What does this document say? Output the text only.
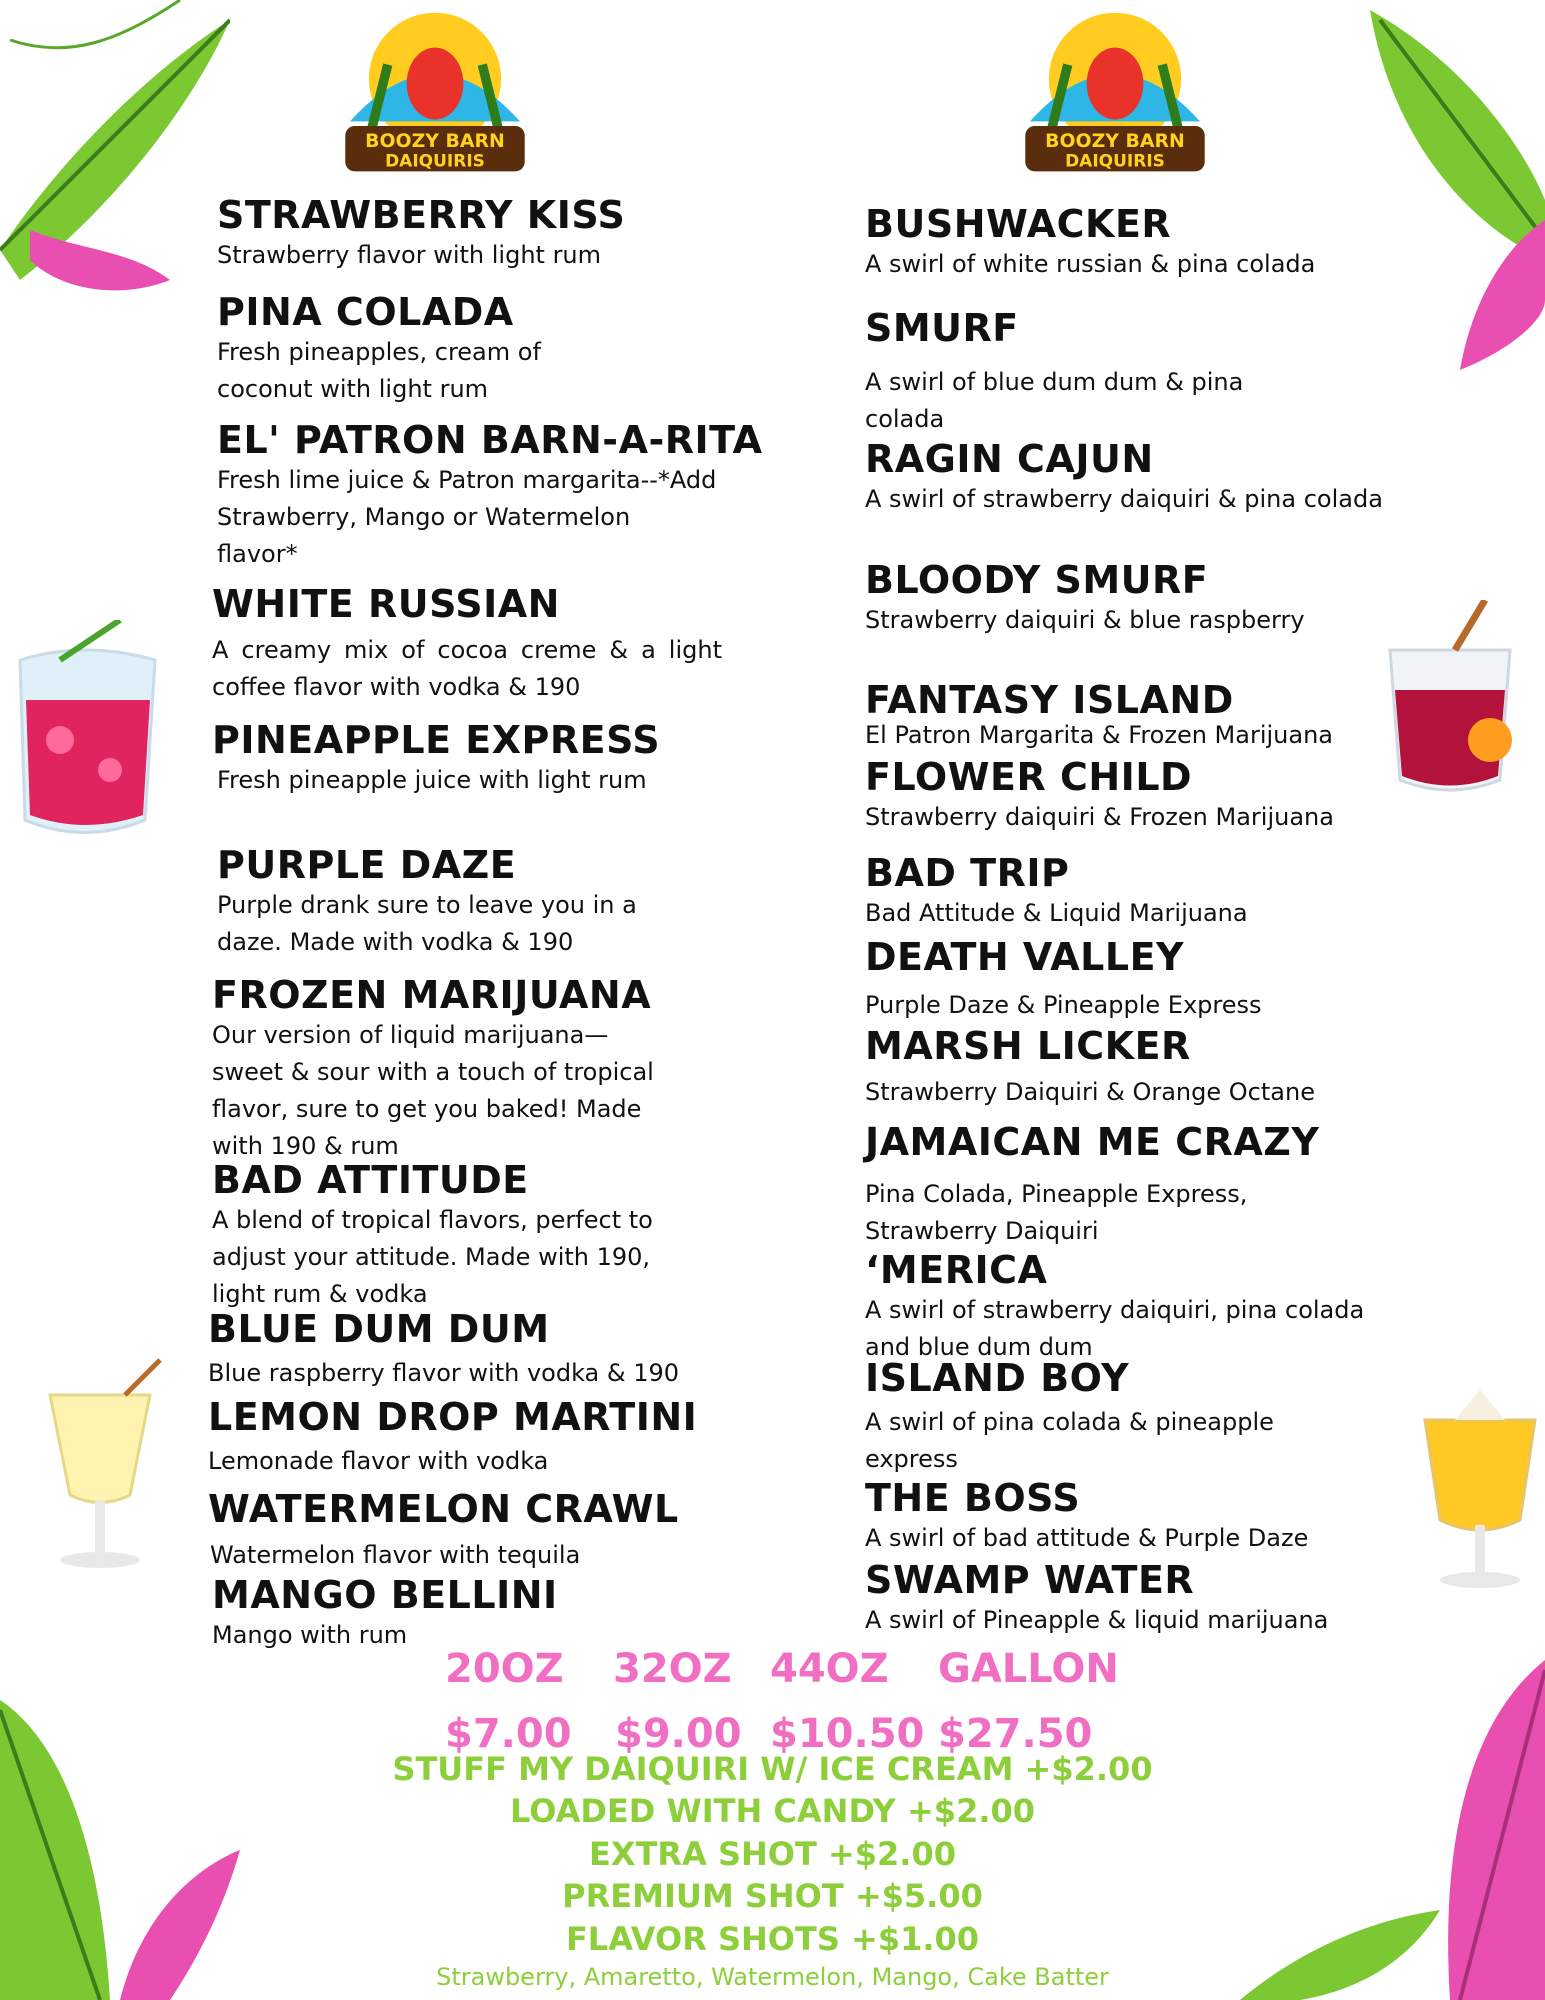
BOOZY BARN
DAIQUIRIS
BOOZY BARN
DAIQUIRIS
STRAWBERRY KISS

Strawberry flavor with light rum

PINA COLADA

Fresh pineapples, cream of coconut with light rum

EL' PATRON BARN-A-RITA

Fresh lime juice & Patron margarita--*Add Strawberry, Mango or Watermelon flavor*

WHITE RUSSIAN

A creamy mix of cocoa creme & a light coffee flavor with vodka & 190

PINEAPPLE EXPRESS

Fresh pineapple juice with light rum

PURPLE DAZE

Purple drank sure to leave you in a daze. Made with vodka & 190

FROZEN MARIJUANA

Our version of liquid marijuana—sweet & sour with a touch of tropical flavor, sure to get you baked! Made with 190 & rum

BAD ATTITUDE

A blend of tropical flavors, perfect to adjust your attitude. Made with 190, light rum & vodka

BLUE DUM DUM

Blue raspberry flavor with vodka & 190

LEMON DROP MARTINI

Lemonade flavor with vodka

WATERMELON CRAWL

Watermelon flavor with tequila

MANGO BELLINI

Mango with rum

BUSHWACKER

A swirl of white russian & pina colada

SMURF

A swirl of blue dum dum & pina colada

RAGIN CAJUN

A swirl of strawberry daiquiri & pina colada

BLOODY SMURF

Strawberry daiquiri & blue raspberry

FANTASY ISLAND

El Patron Margarita & Frozen Marijuana

FLOWER CHILD

Strawberry daiquiri & Frozen Marijuana

BAD TRIP

Bad Attitude & Liquid Marijuana

DEATH VALLEY

Purple Daze & Pineapple Express

MARSH LICKER

Strawberry Daiquiri & Orange Octane

JAMAICAN ME CRAZY

Pina Colada, Pineapple Express, Strawberry Daiquiri

‘MERICA

A swirl of strawberry daiquiri, pina colada and blue dum dum

ISLAND BOY

A swirl of pina colada & pineapple express

THE BOSS

A swirl of bad attitude & Purple Daze

SWAMP WATER

A swirl of Pineapple & liquid marijuana

20OZ 32OZ 44OZ GALLON
$7.00 $9.00 $10.50 $27.50
STUFF MY DAIQUIRI W/ ICE CREAM +$2.00
LOADED WITH CANDY +$2.00
EXTRA SHOT +$2.00
PREMIUM SHOT +$5.00
FLAVOR SHOTS +$1.00
Strawberry, Amaretto, Watermelon, Mango, Cake Batter
